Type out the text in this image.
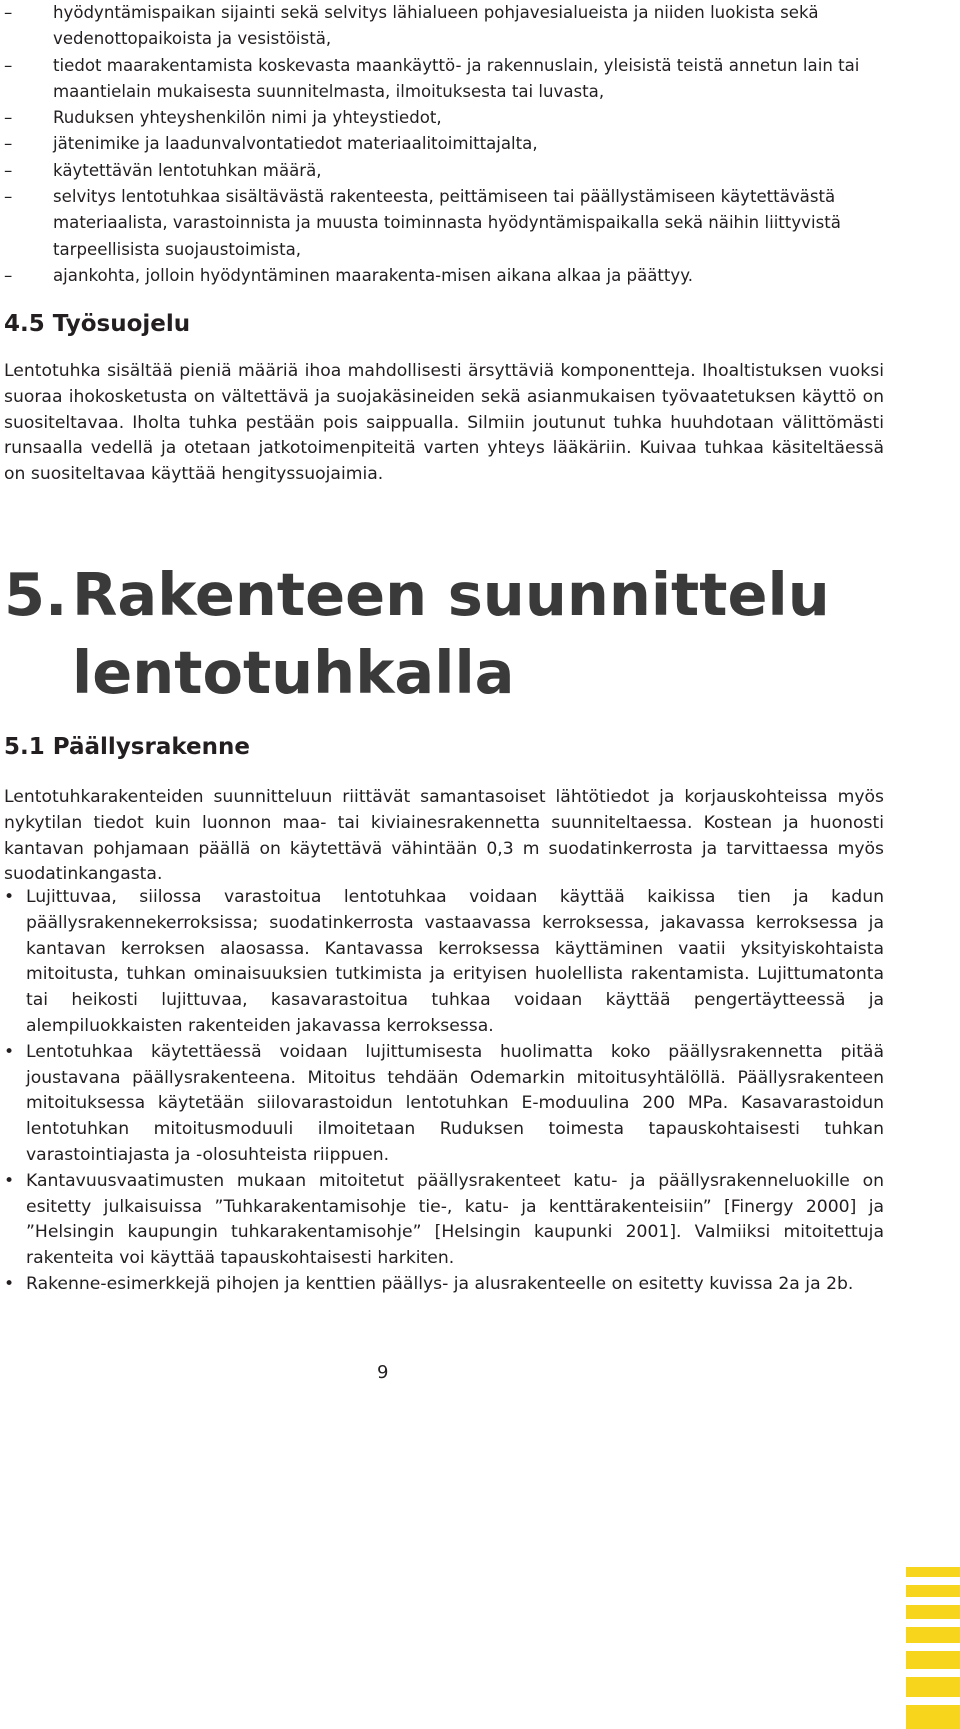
– hyödyntämispaikan sijainti sekä selvitys lähialueen pohjavesialueista ja niiden luokista sekä vedenottopaikoista ja vesistöistä,
– tiedot maarakentamista koskevasta maankäyttö- ja rakennuslain, yleisistä teistä annetun lain tai maantielain mukaisesta suunnitelmasta, ilmoituksesta tai luvasta,
– Ruduksen yhteyshenkilön nimi ja yhteystiedot,
– jätenimike ja laadunvalvontatiedot materiaalitoimittajalta,
– käytettävän lentotuhkan määrä,
– selvitys lentotuhkaa sisältävästä rakenteesta, peittämiseen tai päällystämiseen käytettävästä materiaalista, varastoinnista ja muusta toiminnasta hyödyntämispaikalla sekä näihin liittyvistä tarpeellisista suojaustoimista,
– ajankohta, jolloin hyödyntäminen maarakenta-misen aikana alkaa ja päättyy.
4.5 Työsuojelu

Lentotuhka sisältää pieniä määriä ihoa mahdollisesti ärsyttäviä komponentteja. Ihoaltistuksen vuoksi suoraa ihokosketusta on vältettävä ja suojakäsineiden sekä asianmukaisen työvaatetuksen käyttö on suositeltavaa. Iholta tuhka pestään pois saippualla. Silmiin joutunut tuhka huuhdotaan välittömästi runsaalla vedellä ja otetaan jatkotoimenpiteitä varten yhteys lääkäriin. Kuivaa tuhkaa käsiteltäessä on suositeltavaa käyttää hengityssuojaimia.

5.Rakenteen suunnittelu
lentotuhkalla
5.1 Päällysrakenne

Lentotuhkarakenteiden suunnitteluun riittävät samantasoiset lähtötiedot ja korjauskohteissa myös nykytilan tiedot kuin luonnon maa- tai kiviainesrakennetta suunniteltaessa. Kostean ja huonosti kantavan pohjamaan päällä on käytettävä vähintään 0,3 m suodatinkerrosta ja tarvittaessa myös suodatinkangasta.

• Lujittuvaa, siilossa varastoitua lentotuhkaa voidaan käyttää kaikissa tien ja kadun päällysrakennekerroksissa; suodatinkerrosta vastaavassa kerroksessa, jakavassa kerroksessa ja kantavan kerroksen alaosassa. Kantavassa kerroksessa käyttäminen vaatii yksityiskohtaista mitoitusta, tuhkan ominaisuuksien tutkimista ja erityisen huolellista rakentamista. Lujittumatonta tai heikosti lujittuvaa, kasavarastoitua tuhkaa voidaan käyttää pengertäytteessä ja alempiluokkaisten rakenteiden jakavassa kerroksessa.
• Lentotuhkaa käytettäessä voidaan lujittumisesta huolimatta koko päällysrakennetta pitää joustavana päällysrakenteena. Mitoitus tehdään Odemarkin mitoitusyhtälöllä. Päällysrakenteen mitoituksessa käytetään siilovarastoidun lentotuhkan E-moduulina 200 MPa. Kasavarastoidun lentotuhkan mitoitusmoduuli ilmoitetaan Ruduksen toimesta tapauskohtaisesti tuhkan varastointiajasta ja -olosuhteista riippuen.
• Kantavuusvaatimusten mukaan mitoitetut päällysrakenteet katu- ja päällysrakenneluokille on esitetty julkaisuissa ”Tuhkarakentamisohje tie-, katu- ja kenttärakenteisiin” [Finergy 2000] ja ”Helsingin kaupungin tuhkarakentamisohje” [Helsingin kaupunki 2001]. Valmiiksi mitoitettuja rakenteita voi käyttää tapauskohtaisesti harkiten.
• Rakenne-esimerkkejä pihojen ja kenttien päällys- ja alusrakenteelle on esitetty kuvissa 2a ja 2b.
9
